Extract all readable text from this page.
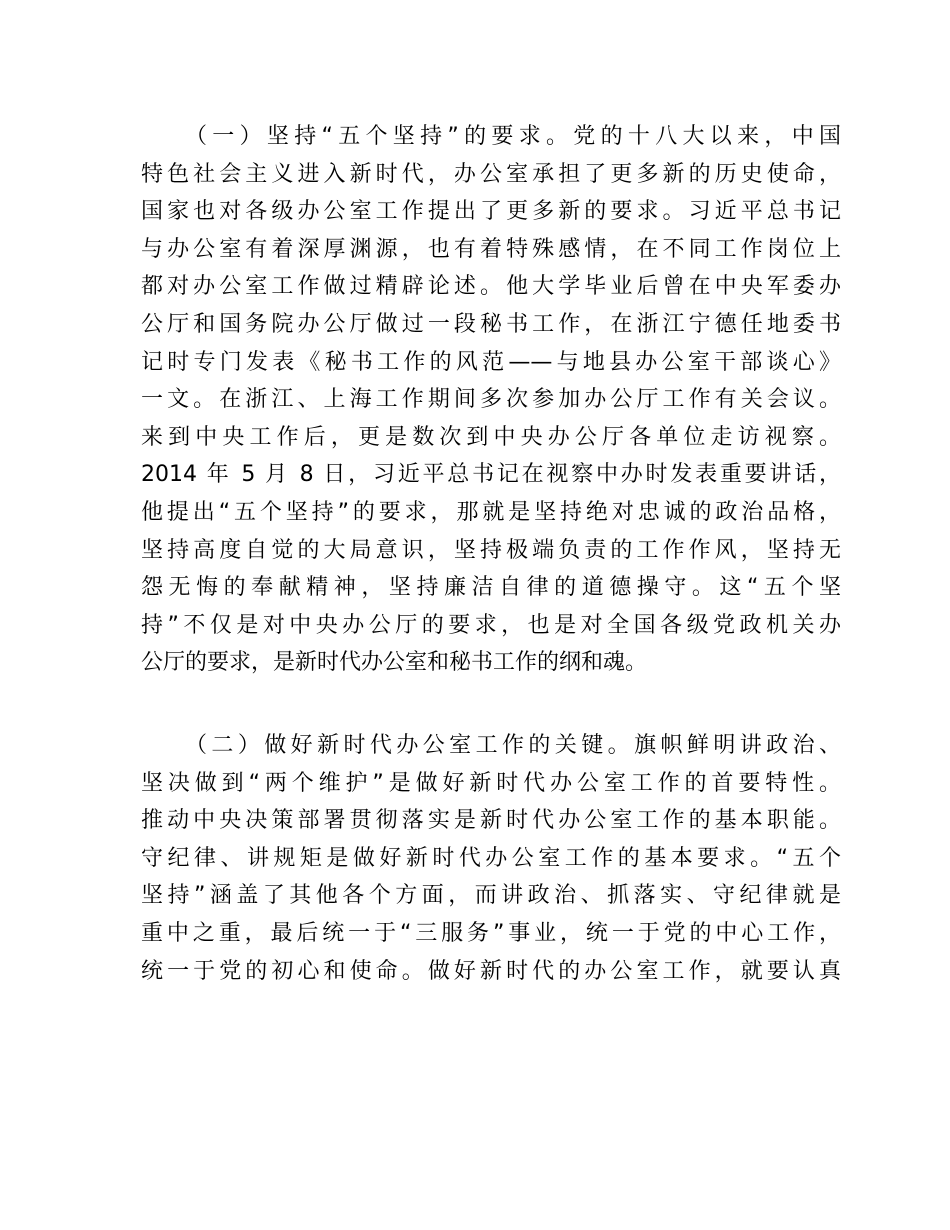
（一）坚持“五个坚持”的要求。党的十八大以来，中国
特色社会主义进入新时代，办公室承担了更多新的历史使命，
国家也对各级办公室工作提出了更多新的要求。习近平总书记
与办公室有着深厚渊源，也有着特殊感情，在不同工作岗位上
都对办公室工作做过精辟论述。他大学毕业后曾在中央军委办
公厅和国务院办公厅做过一段秘书工作，在浙江宁德任地委书
记时专门发表《秘书工作的风范——与地县办公室干部谈心》
一文。在浙江、上海工作期间多次参加办公厅工作有关会议。
来到中央工作后，更是数次到中央办公厅各单位走访视察。
2014 年 5 月 8 日，习近平总书记在视察中办时发表重要讲话，
他提出“五个坚持”的要求，那就是坚持绝对忠诚的政治品格，
坚持高度自觉的大局意识，坚持极端负责的工作作风，坚持无
怨无悔的奉献精神，坚持廉洁自律的道德操守。这“五个坚
持”不仅是对中央办公厅的要求，也是对全国各级党政机关办
公厅的要求，是新时代办公室和秘书工作的纲和魂。
（二）做好新时代办公室工作的关键。旗帜鲜明讲政治、
坚决做到“两个维护”是做好新时代办公室工作的首要特性。
推动中央决策部署贯彻落实是新时代办公室工作的基本职能。
守纪律、讲规矩是做好新时代办公室工作的基本要求。“五个
坚持”涵盖了其他各个方面，而讲政治、抓落实、守纪律就是
重中之重，最后统一于“三服务”事业，统一于党的中心工作，
统一于党的初心和使命。做好新时代的办公室工作，就要认真
